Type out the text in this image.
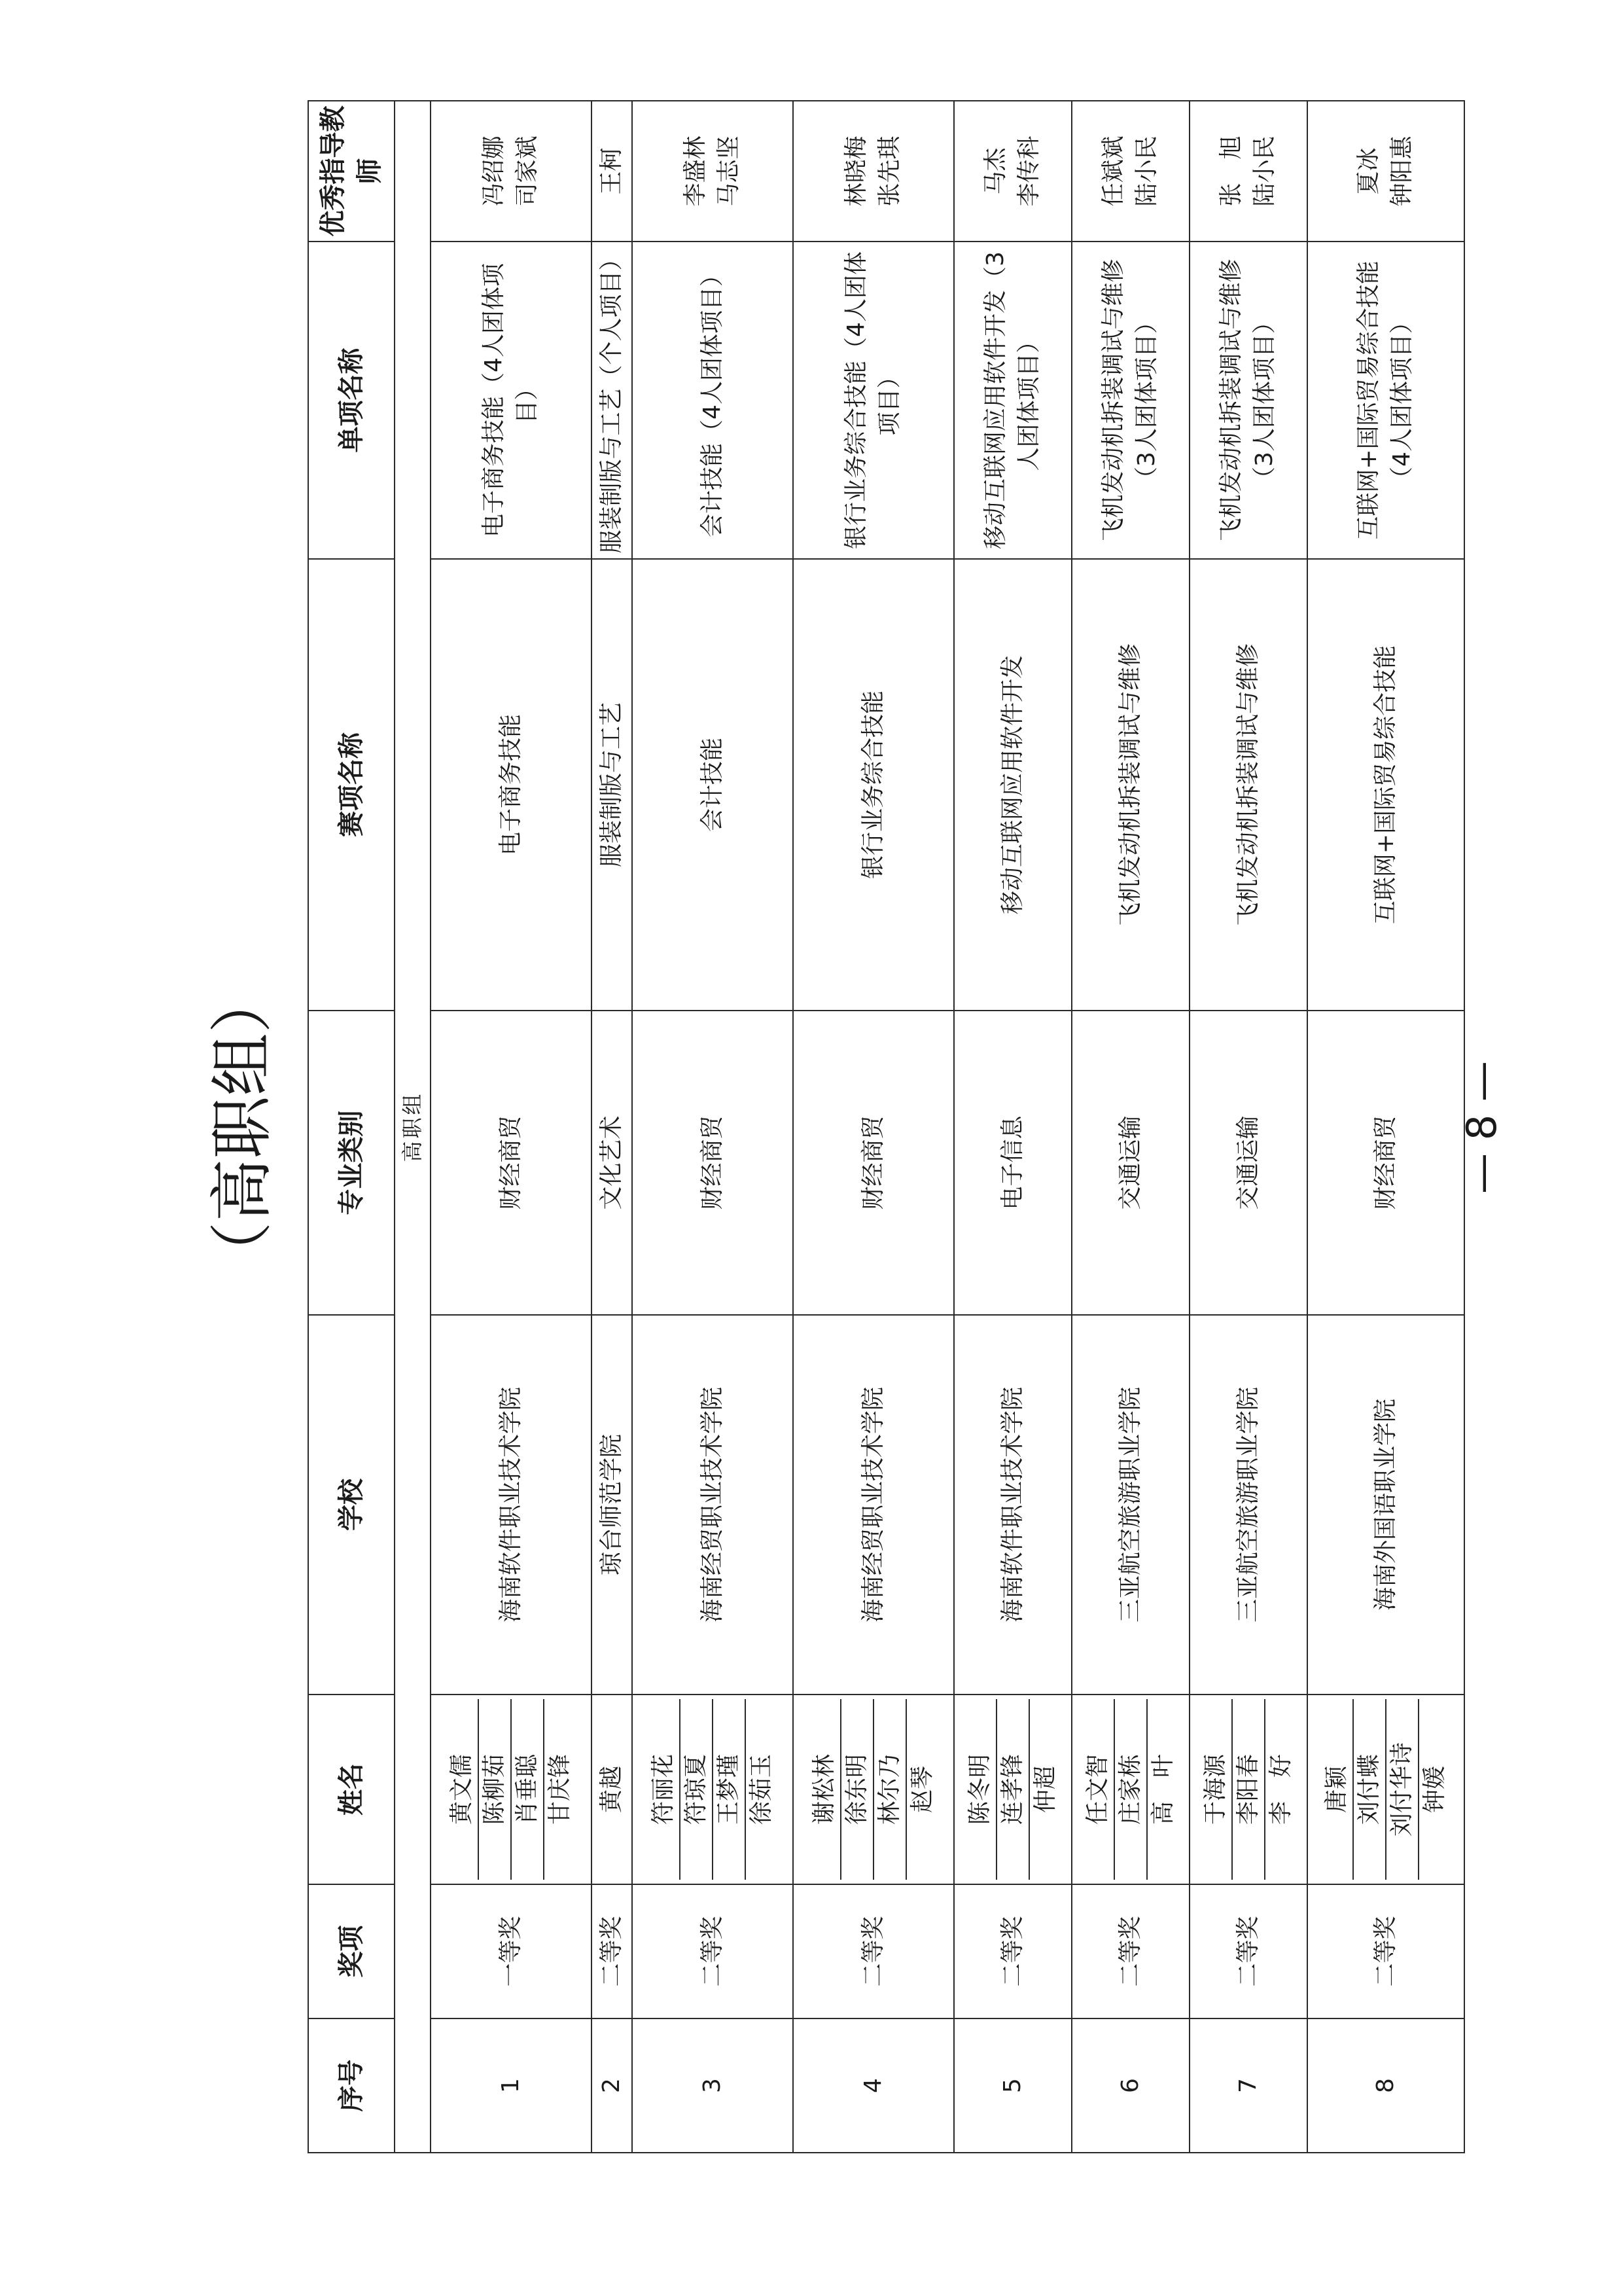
（高职组）
序号	奖项	姓名	学校	专业类别	赛项名称	单项名称	优秀指导教师
高职组							
1	一等奖	黄文儒 陈柳茹 肖垂聪 甘庆锋	海南软件职业技术学院	财经商贸	电子商务技能	电子商务技能（4人团体项目）	冯绍娜 司家斌

2	二等奖	黄越	琼台师范学院	文化艺术	服装制版与工艺	服装制版与工艺（个人项目）	王柯

3	二等奖	符丽花 符琼夏 王梦瑾 徐茹玉	海南经贸职业技术学院	财经商贸	会计技能	会计技能（4人团体项目）	李盛林 马志坚

4	二等奖	谢松林 徐东明 林尔乃 赵琴	海南经贸职业技术学院	财经商贸	银行业务综合技能	银行业务综合技能（4人团体项目）	林晓梅 张先琪

5	二等奖	陈冬明 连孝锋 仲超	海南软件职业技术学院	电子信息	移动互联网应用软件开发	移动互联网应用软件开发（3人团体项目）	马杰 李传科

6	二等奖	任文智 庄家栋 高　叶	三亚航空旅游职业学院	交通运输	飞机发动机拆装调试与维修	飞机发动机拆装调试与维修（3人团体项目）	任斌斌 陆小民

7	二等奖	于海源 李阳春 李　好	三亚航空旅游职业学院	交通运输	飞机发动机拆装调试与维修	飞机发动机拆装调试与维修（3人团体项目）	张　旭 陆小民

8	二等奖	唐颖 刘付蝶 刘付华诗 钟媛	海南外国语职业学院	财经商贸	互联网+国际贸易综合技能	互联网+国际贸易综合技能（4人团体项目）	夏冰 钟阳惠
— 8 —
